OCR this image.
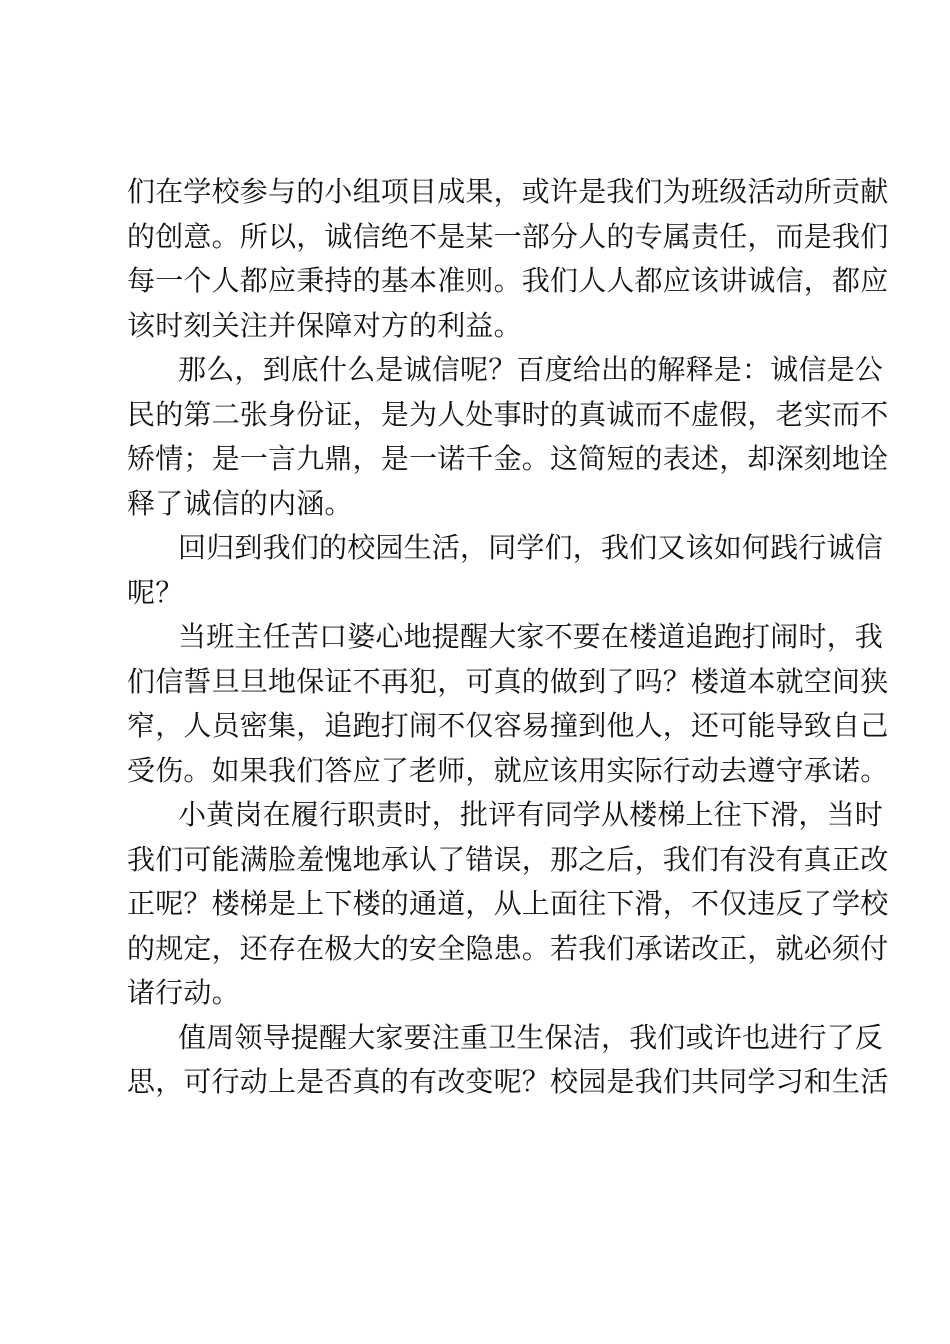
们在学校参与的小组项目成果，或许是我们为班级活动所贡献
的创意。所以，诚信绝不是某一部分人的专属责任，而是我们
每一个人都应秉持的基本准则。我们人人都应该讲诚信，都应
该时刻关注并保障对方的利益。
那么，到底什么是诚信呢？百度给出的解释是：诚信是公
民的第二张身份证，是为人处事时的真诚而不虚假，老实而不
矫情；是一言九鼎，是一诺千金。这简短的表述，却深刻地诠
释了诚信的内涵。
回归到我们的校园生活，同学们，我们又该如何践行诚信
呢？
当班主任苦口婆心地提醒大家不要在楼道追跑打闹时，我
们信誓旦旦地保证不再犯，可真的做到了吗？楼道本就空间狭
窄，人员密集，追跑打闹不仅容易撞到他人，还可能导致自己
受伤。如果我们答应了老师，就应该用实际行动去遵守承诺。
小黄岗在履行职责时，批评有同学从楼梯上往下滑，当时
我们可能满脸羞愧地承认了错误，那之后，我们有没有真正改
正呢？楼梯是上下楼的通道，从上面往下滑，不仅违反了学校
的规定，还存在极大的安全隐患。若我们承诺改正，就必须付
诸行动。
值周领导提醒大家要注重卫生保洁，我们或许也进行了反
思，可行动上是否真的有改变呢？校园是我们共同学习和生活
